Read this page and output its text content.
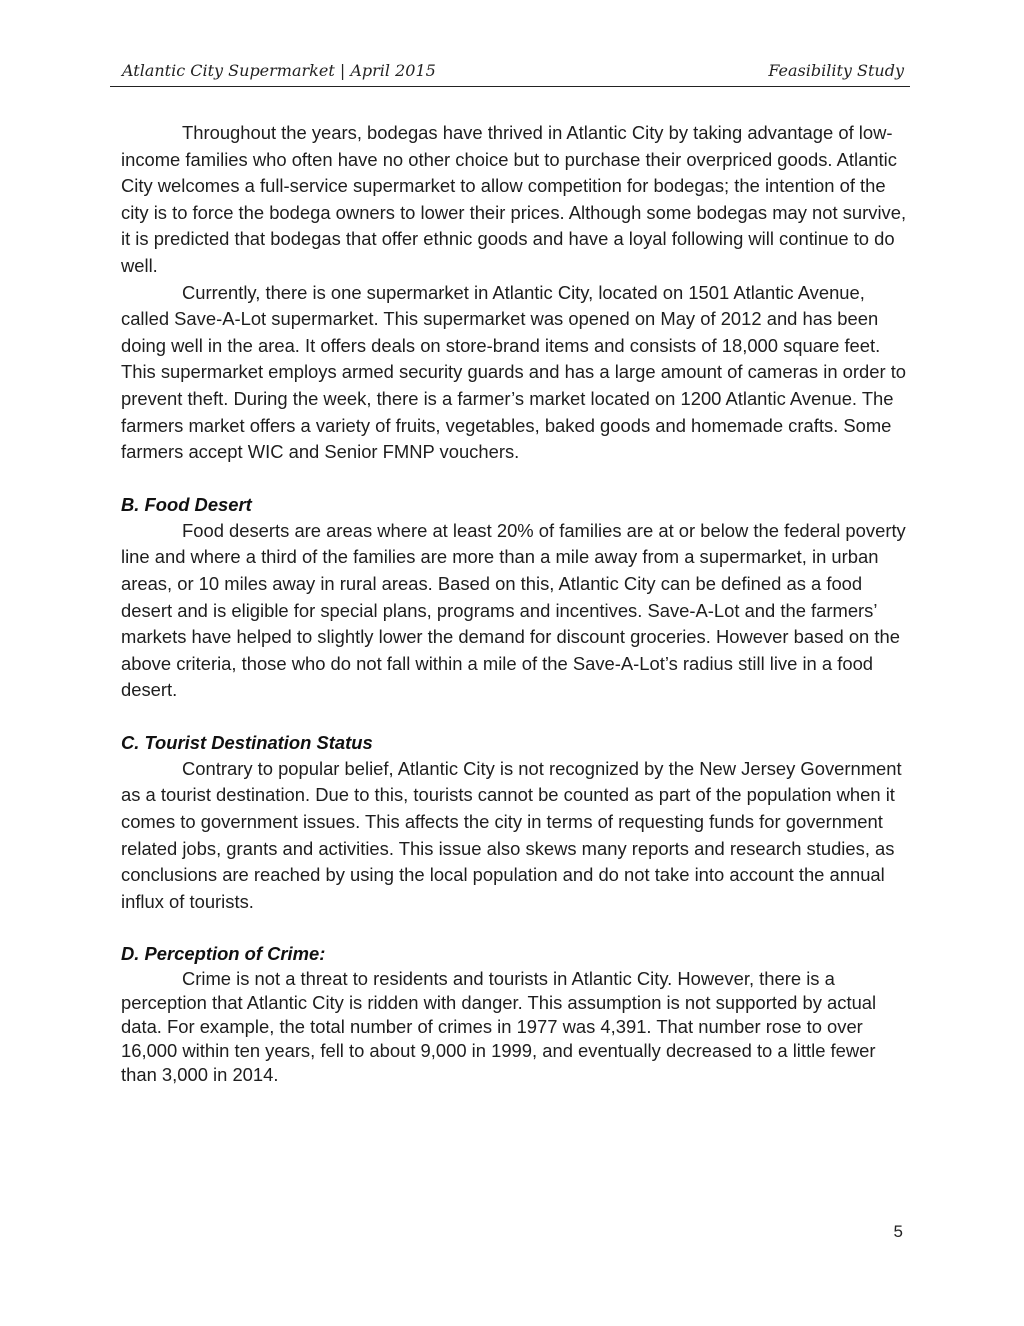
Atlantic City Supermarket | April 2015	Feasibility Study

Throughout the years, bodegas have thrived in Atlantic City by taking advantage of low-income families who often have no other choice but to purchase their overpriced goods. Atlantic City welcomes a full-service supermarket to allow competition for bodegas; the intention of the city is to force the bodega owners to lower their prices. Although some bodegas may not survive, it is predicted that bodegas that offer ethnic goods and have a loyal following will continue to do well.

Currently, there is one supermarket in Atlantic City, located on 1501 Atlantic Avenue, called Save-A-Lot supermarket. This supermarket was opened on May of 2012 and has been doing well in the area. It offers deals on store-brand items and consists of 18,000 square feet. This supermarket employs armed security guards and has a large amount of cameras in order to prevent theft. During the week, there is a farmer’s market located on 1200 Atlantic Avenue. The farmers market offers a variety of fruits, vegetables, baked goods and homemade crafts. Some farmers accept WIC and Senior FMNP vouchers.

B. Food Desert

Food deserts are areas where at least 20% of families are at or below the federal poverty line and where a third of the families are more than a mile away from a supermarket, in urban areas, or 10 miles away in rural areas. Based on this, Atlantic City can be defined as a food desert and is eligible for special plans, programs and incentives. Save-A-Lot and the farmers’ markets have helped to slightly lower the demand for discount groceries. However based on the above criteria, those who do not fall within a mile of the Save-A-Lot’s radius still live in a food desert.

C. Tourist Destination Status

Contrary to popular belief, Atlantic City is not recognized by the New Jersey Government as a tourist destination. Due to this, tourists cannot be counted as part of the population when it comes to government issues. This affects the city in terms of requesting funds for government related jobs, grants and activities. This issue also skews many reports and research studies, as conclusions are reached by using the local population and do not take into account the annual influx of tourists.

D. Perception of Crime:

Crime is not a threat to residents and tourists in Atlantic City. However, there is a perception that Atlantic City is ridden with danger. This assumption is not supported by actual data. For example, the total number of crimes in 1977 was 4,391. That number rose to over 16,000 within ten years, fell to about 9,000 in 1999, and eventually decreased to a little fewer than 3,000 in 2014.

5
